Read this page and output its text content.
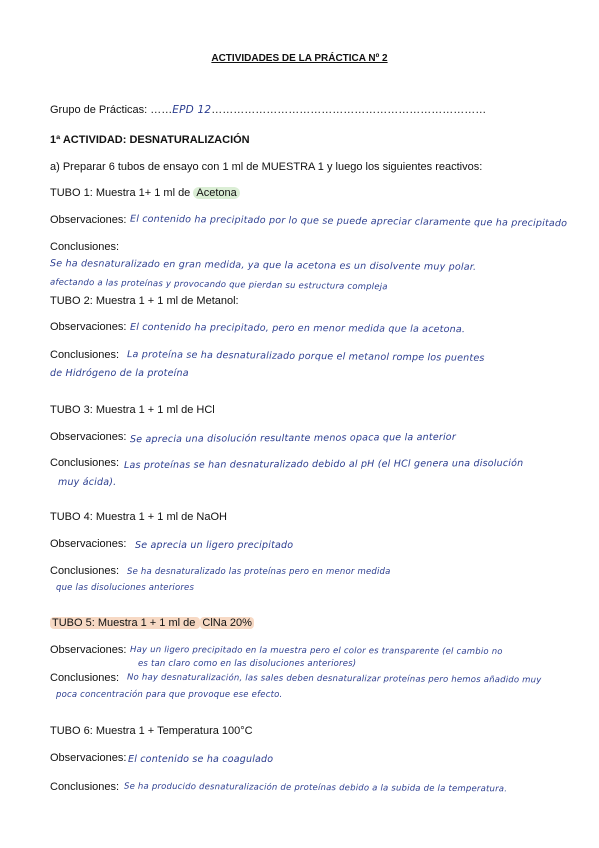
ACTIVIDADES DE LA PRÁCTICA Nº 2
Grupo de Prácticas: ……EPD 12…………………………………………………………………
1ª ACTIVIDAD: DESNATURALIZACIÓN
a) Preparar 6 tubos de ensayo con 1 ml de MUESTRA 1 y luego los siguientes reactivos:
TUBO 1: Muestra 1+ 1 ml de Acetona
Observaciones: El contenido ha precipitado por lo que se puede apreciar claramente que ha precipitado
Conclusiones:
Se ha desnaturalizado en gran medida, ya que la acetona es un disolvente muy polar.
afectando a las proteínas y provocando que pierdan su estructura compleja
TUBO 2: Muestra 1 + 1 ml de Metanol:
Observaciones: El contenido ha precipitado, pero en menor medida que la acetona.
Conclusiones: La proteína se ha desnaturalizado porque el metanol rompe los puentes
de Hidrógeno de la proteína
TUBO 3: Muestra 1 + 1 ml de HCl
Observaciones: Se aprecia una disolución resultante menos opaca que la anterior
Conclusiones: Las proteínas se han desnaturalizado debido al pH (el HCl genera una disolución
muy ácida).
TUBO 4: Muestra 1 + 1 ml de NaOH
Observaciones: Se aprecia un ligero precipitado
Conclusiones: Se ha desnaturalizado las proteínas pero en menor medida
que las disoluciones anteriores
TUBO 5: Muestra 1 + 1 ml de ClNa 20%
Observaciones: Hay un ligero precipitado en la muestra pero el color es transparente (el cambio no
es tan claro como en las disoluciones anteriores)
Conclusiones: No hay desnaturalización, las sales deben desnaturalizar proteínas pero hemos añadido muy
poca concentración para que provoque ese efecto.
TUBO 6: Muestra 1 + Temperatura 100°C
Observaciones: El contenido se ha coagulado
Conclusiones: Se ha producido desnaturalización de proteínas debido a la subida de la temperatura.
